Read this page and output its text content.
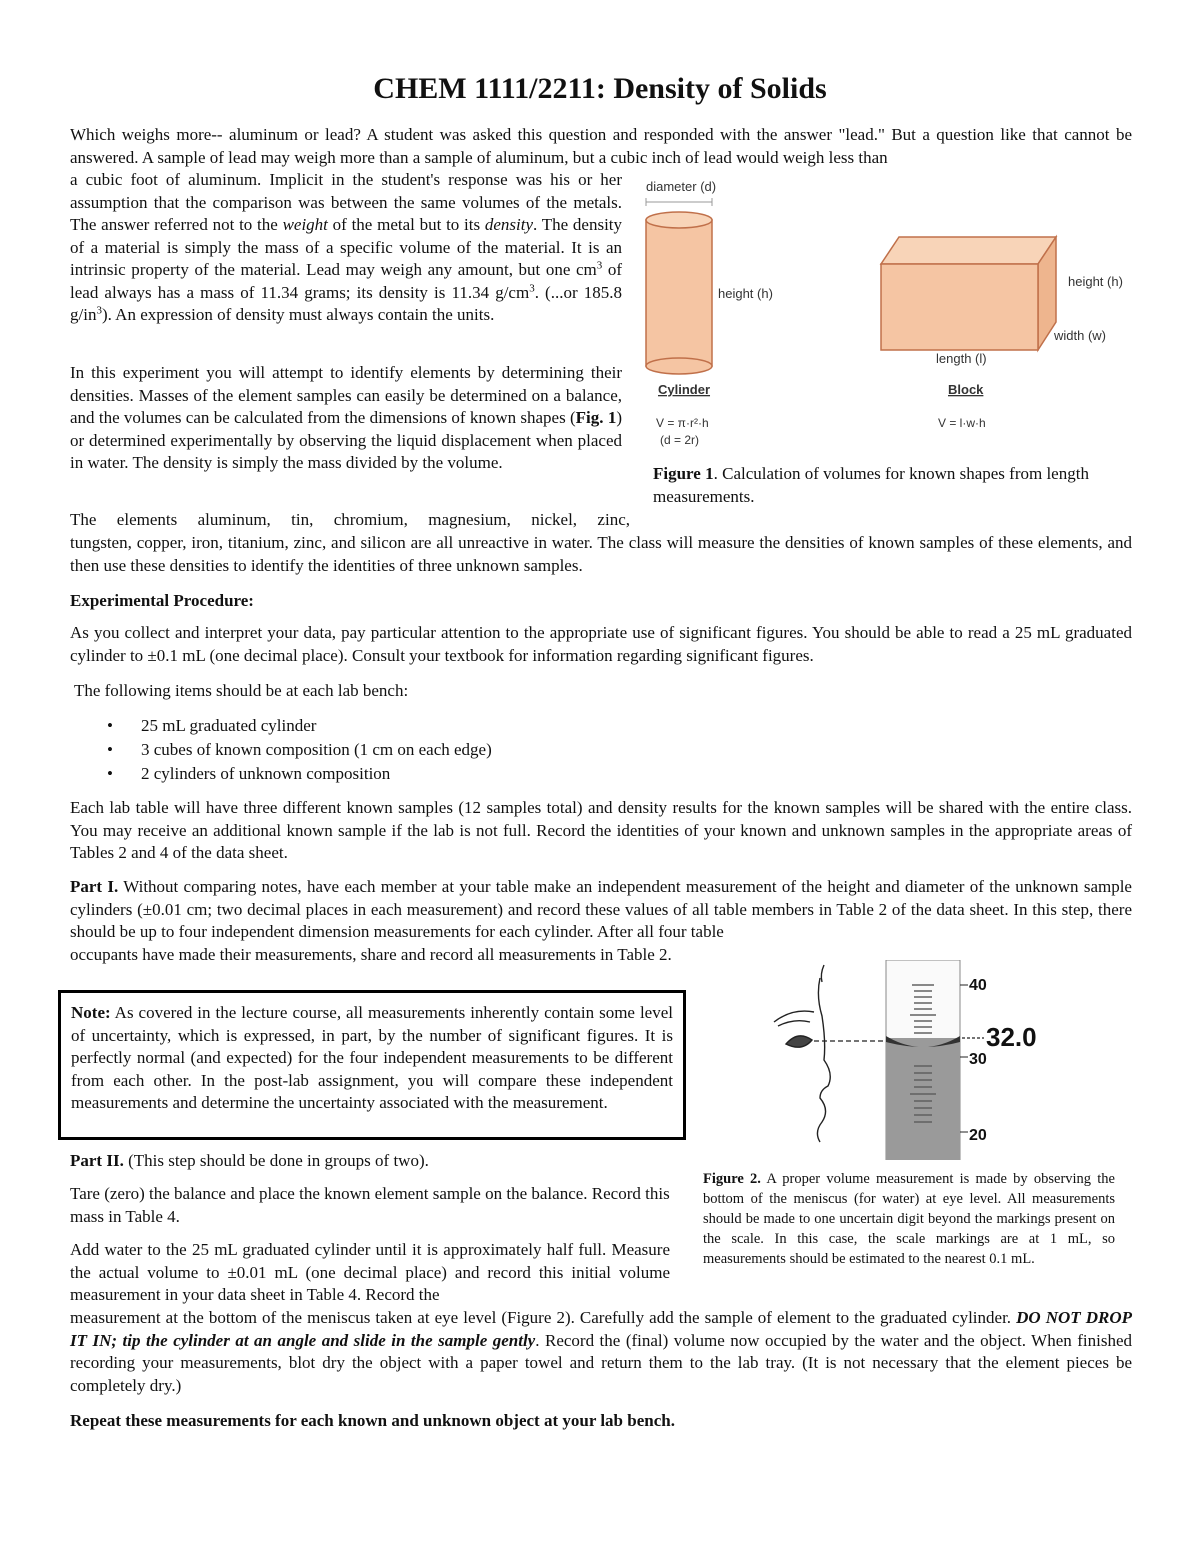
CHEM 1111/2211: Density of Solids

Which weighs more-- aluminum or lead? A student was asked this question and responded with the answer "lead." But a question like that cannot be answered. A sample of lead may weigh more than a sample of aluminum, but a cubic inch of lead would weigh less than

a cubic foot of aluminum. Implicit in the student's response was his or her assumption that the comparison was between the same volumes of the metals. The answer referred not to the weight of the metal but to its density. The density of a material is simply the mass of a specific volume of the material. It is an intrinsic property of the material. Lead may weigh any amount, but one $cm^3$ of lead always has a mass of 11.34 grams; its density is 11.34 $g/cm^3$. (...or 185.8 $g/in^3$). An expression of density must always contain the units.

In this experiment you will attempt to identify elements by determining their densities. Masses of the element samples can easily be determined on a balance, and the volumes can be calculated from the dimensions of known shapes (Fig. 1) or determined experimentally by observing the liquid displacement when placed in water. The density is simply the mass divided by the volume.

diameter (d)
height (h)
Cylinder
V = π·r²·h
(d = 2r)
height (h)
width (w)
length (l)
Block
V = l·w·h

Figure 1. Calculation of volumes for known shapes from length measurements.

The elements aluminum, tin, chromium, magnesium, nickel, zinc,

tungsten, copper, iron, titanium, zinc, and silicon are all unreactive in water. The class will measure the densities of known samples of these elements, and then use these densities to identify the identities of three unknown samples.

Experimental Procedure:

As you collect and interpret your data, pay particular attention to the appropriate use of significant figures. You should be able to read a 25 mL graduated cylinder to ±0.1 mL (one decimal place). Consult your textbook for information regarding significant figures.

The following items should be at each lab bench:

• 25 mL graduated cylinder
• 3 cubes of known composition (1 cm on each edge)
• 2 cylinders of unknown composition

Each lab table will have three different known samples (12 samples total) and density results for the known samples will be shared with the entire class. You may receive an additional known sample if the lab is not full. Record the identities of your known and unknown samples in the appropriate areas of Tables 2 and 4 of the data sheet.

Part I. Without comparing notes, have each member at your table make an independent measurement of the height and diameter of the unknown sample cylinders (±0.01 cm; two decimal places in each measurement) and record these values of all table members in Table 2 of the data sheet. In this step, there should be up to four independent dimension measurements for each cylinder. After all four table

occupants have made their measurements, share and record all measurements in Table 2.

Note: As covered in the lecture course, all measurements inherently contain some level of uncertainty, which is expressed, in part, by the number of significant figures. It is perfectly normal (and expected) for the four independent measurements to be different from each other. In the post-lab assignment, you will compare these independent measurements and determine the uncertainty associated with the measurement.

40
30
20
32.0

Figure 2. A proper volume measurement is made by observing the bottom of the meniscus (for water) at eye level. All measurements should be made to one uncertain digit beyond the markings present on the scale. In this case, the scale markings are at 1 mL, so measurements should be estimated to the nearest 0.1 mL.

Part II. (This step should be done in groups of two).

Tare (zero) the balance and place the known element sample on the balance. Record this mass in Table 4.

Add water to the 25 mL graduated cylinder until it is approximately half full. Measure the actual volume to ±0.01 mL (one decimal place) and record this initial volume measurement in your data sheet in Table 4. Record the

measurement at the bottom of the meniscus taken at eye level (Figure 2). Carefully add the sample of element to the graduated cylinder. DO NOT DROP IT IN; tip the cylinder at an angle and slide in the sample gently. Record the (final) volume now occupied by the water and the object. When finished recording your measurements, blot dry the object with a paper towel and return them to the lab tray. (It is not necessary that the element pieces be completely dry.)

Repeat these measurements for each known and unknown object at your lab bench.
